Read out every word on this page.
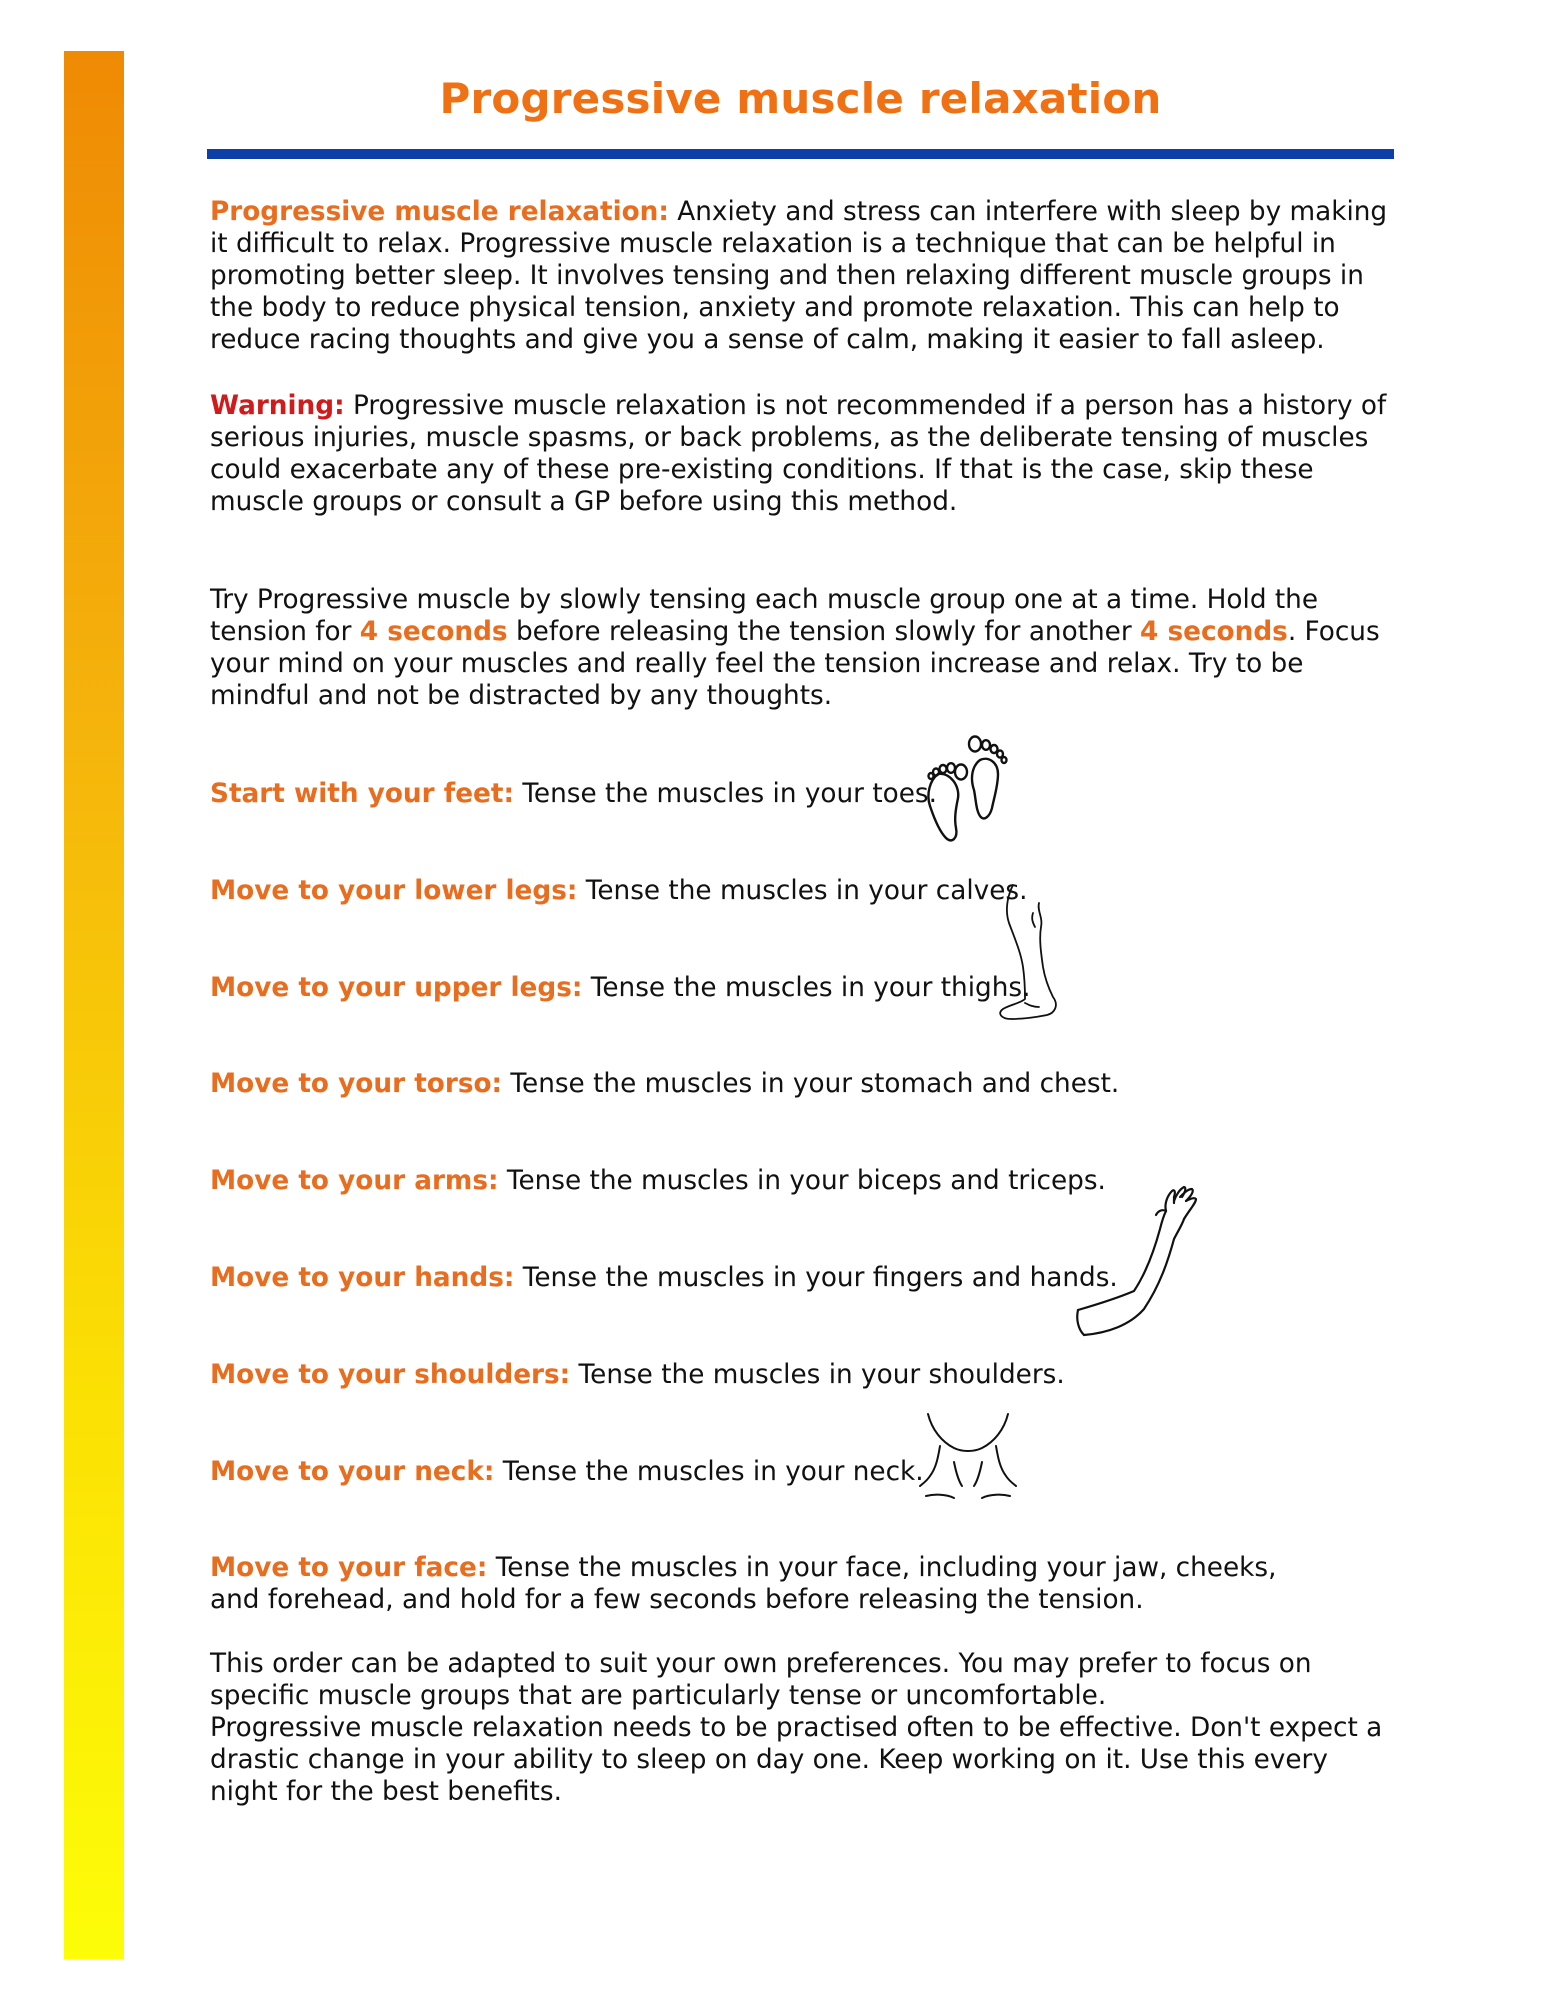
Progressive muscle relaxation

Progressive muscle relaxation: Anxiety and stress can interfere with sleep by making it difficult to relax. Progressive muscle relaxation is a technique that can be helpful in promoting better sleep. It involves tensing and then relaxing different muscle groups in the body to reduce physical tension, anxiety and promote relaxation. This can help to reduce racing thoughts and give you a sense of calm, making it easier to fall asleep.

Warning: Progressive muscle relaxation is not recommended if a person has a history of serious injuries, muscle spasms, or back problems, as the deliberate tensing of muscles could exacerbate any of these pre-existing conditions. If that is the case, skip these muscle groups or consult a GP before using this method.

Try Progressive muscle by slowly tensing each muscle group one at a time. Hold the tension for 4 seconds before releasing the tension slowly for another 4 seconds. Focus your mind on your muscles and really feel the tension increase and relax. Try to be mindful and not be distracted by any thoughts.

Start with your feet: Tense the muscles in your toes.

Move to your lower legs: Tense the muscles in your calves.

Move to your upper legs: Tense the muscles in your thighs.

Move to your torso: Tense the muscles in your stomach and chest.

Move to your arms: Tense the muscles in your biceps and triceps.

Move to your hands: Tense the muscles in your fingers and hands.

Move to your shoulders: Tense the muscles in your shoulders.

Move to your neck: Tense the muscles in your neck.

Move to your face: Tense the muscles in your face, including your jaw, cheeks, and forehead, and hold for a few seconds before releasing the tension.

This order can be adapted to suit your own preferences. You may prefer to focus on specific muscle groups that are particularly tense or uncomfortable.

Progressive muscle relaxation needs to be practised often to be effective. Don't expect a drastic change in your ability to sleep on day one. Keep working on it. Use this every night for the best benefits.
